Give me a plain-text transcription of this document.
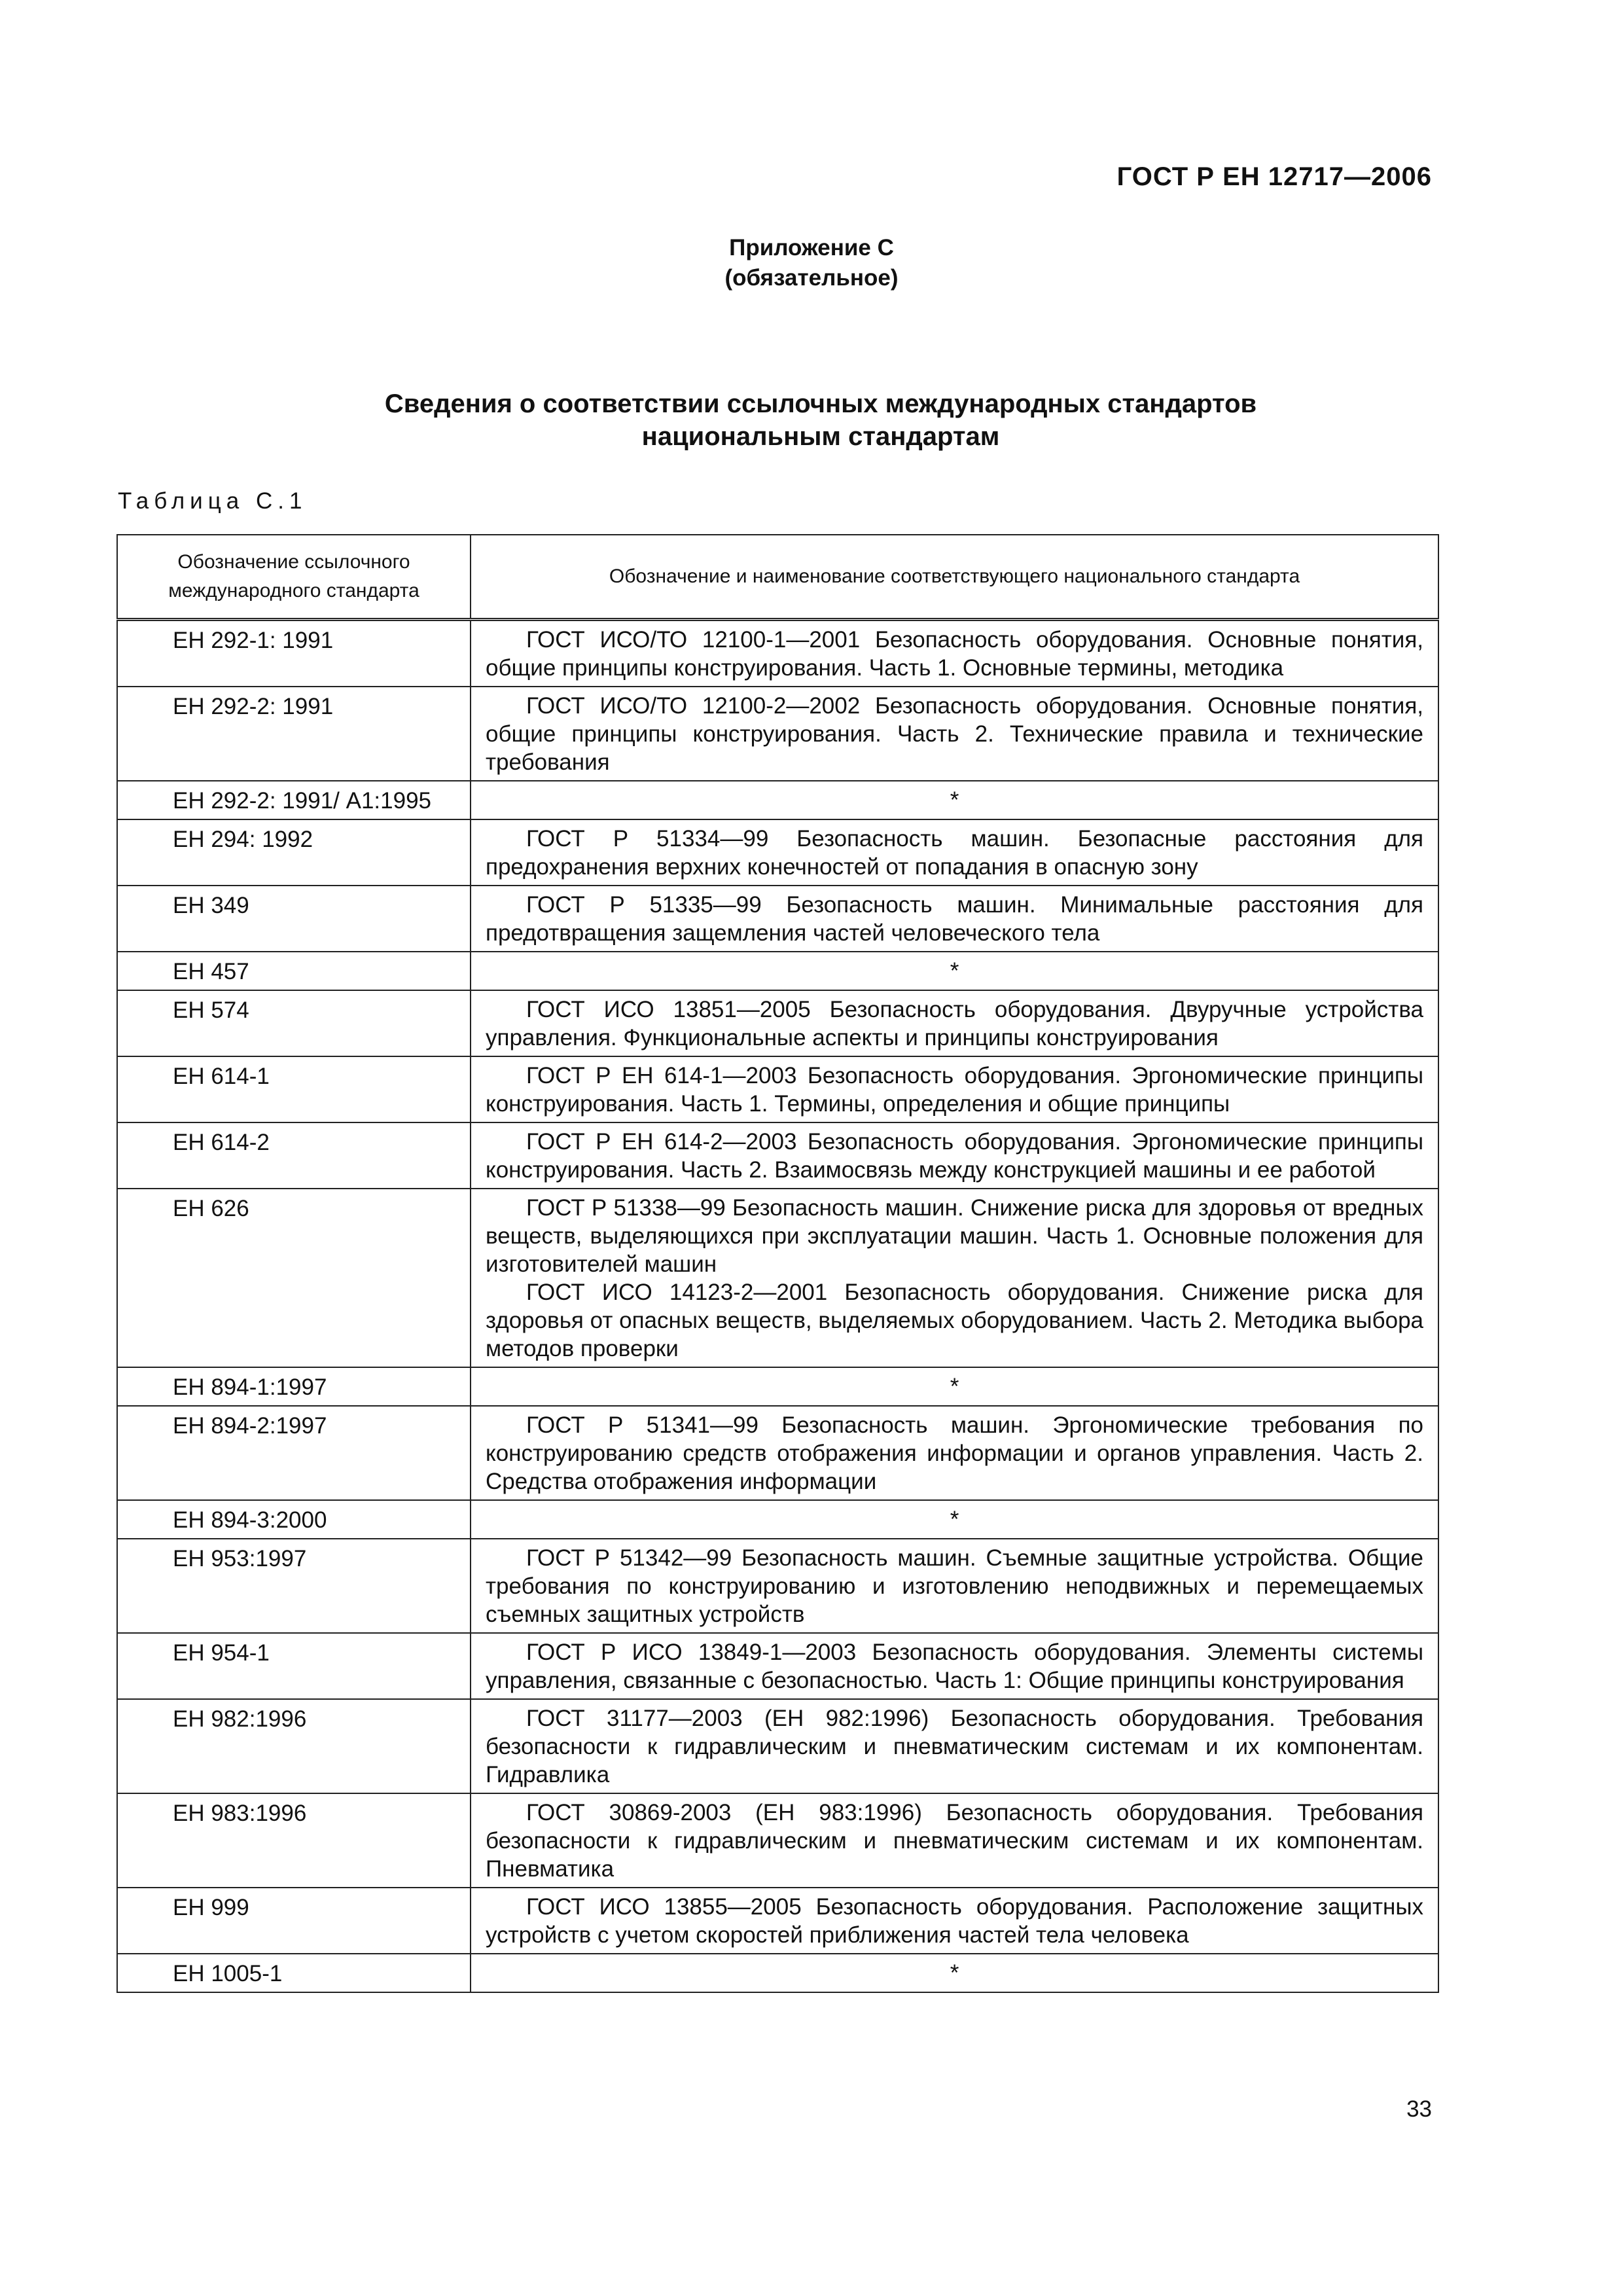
ГОСТ Р ЕН 12717—2006
Приложение С
(обязательное)
Сведения о соответствии ссылочных международных стандартов
национальным стандартам
Таблица С.1
Обозначение ссылочного международного стандарта	Обозначение и наименование соответствующего национального стандарта
ЕН 292-1: 1991	ГОСТ ИСО/ТО 12100-1—2001 Безопасность оборудования. Основные понятия, общие принципы конструирования. Часть 1. Основные термины, методика

ЕН 292-2: 1991	ГОСТ ИСО/ТО 12100-2—2002 Безопасность оборудования. Основные понятия, общие принципы конструирования. Часть 2. Технические правила и технические требования

ЕН 292-2: 1991/ А1:1995	*
ЕН 294: 1992	ГОСТ Р 51334—99 Безопасность машин. Безопасные расстояния для предохранения верхних конечностей от попадания в опасную зону

ЕН 349	ГОСТ Р 51335—99 Безопасность машин. Минимальные расстояния для предотвращения защемления частей человеческого тела

ЕН 457	*
ЕН 574	ГОСТ ИСО 13851—2005 Безопасность оборудования. Двуручные устройства управления. Функциональные аспекты и принципы конструирования

ЕН 614-1	ГОСТ Р ЕН 614-1—2003 Безопасность оборудования. Эргономические принципы конструирования. Часть 1. Термины, определения и общие принципы

ЕН 614-2	ГОСТ Р ЕН 614-2—2003 Безопасность оборудования. Эргономические принципы конструирования. Часть 2. Взаимосвязь между конструкцией машины и ее работой

ЕН 626	ГОСТ Р 51338—99 Безопасность машин. Снижение риска для здоровья от вредных веществ, выделяющихся при эксплуатации машин. Часть 1. Основные положения для изготовителей машин

ГОСТ ИСО 14123-2—2001 Безопасность оборудования. Снижение риска для здоровья от опасных веществ, выделяемых оборудованием. Часть 2. Методика выбора методов проверки

ЕН 894-1:1997	*
ЕН 894-2:1997	ГОСТ Р 51341—99 Безопасность машин. Эргономические требования по конструированию средств отображения информации и органов управления. Часть 2. Средства отображения информации

ЕН 894-3:2000	*
ЕН 953:1997	ГОСТ Р 51342—99 Безопасность машин. Съемные защитные устройства. Общие требования по конструированию и изготовлению неподвижных и перемещаемых съемных защитных устройств

ЕН 954-1	ГОСТ Р ИСО 13849-1—2003 Безопасность оборудования. Элементы системы управления, связанные с безопасностью. Часть 1: Общие принципы конструирования

ЕН 982:1996	ГОСТ 31177—2003 (ЕН 982:1996) Безопасность оборудования. Требования безопасности к гидравлическим и пневматическим системам и их компонентам. Гидравлика

ЕН 983:1996	ГОСТ 30869-2003 (ЕН 983:1996) Безопасность оборудования. Требования безопасности к гидравлическим и пневматическим системам и их компонентам. Пневматика

ЕН 999	ГОСТ ИСО 13855—2005 Безопасность оборудования. Расположение защитных устройств с учетом скоростей приближения частей тела человека

ЕН 1005-1	*
33
